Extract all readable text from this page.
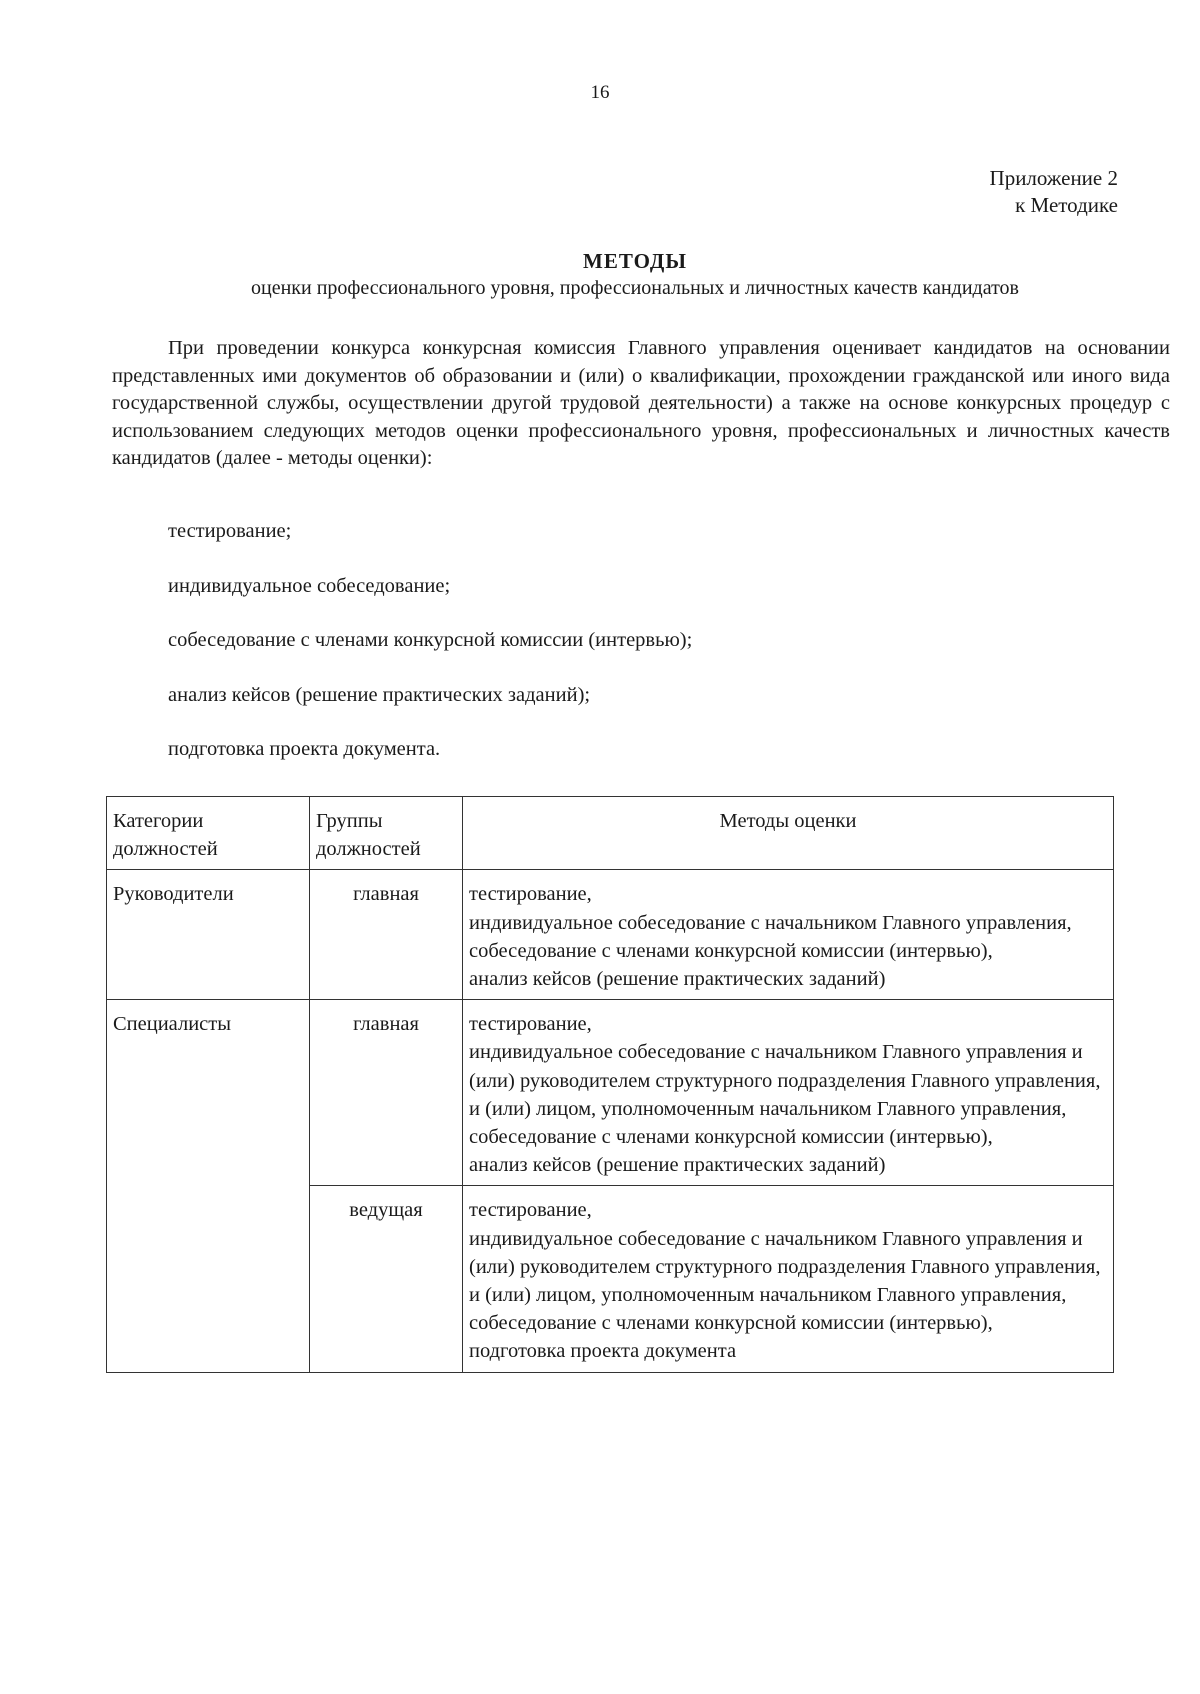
16
Приложение 2
к Методике
МЕТОДЫ
оценки профессионального уровня, профессиональных и личностных качеств кандидатов

При проведении конкурса конкурсная комиссия Главного управления оценивает кандидатов на основании представленных ими документов об образовании и (или) о квалификации, прохождении гражданской или иного вида государственной службы, осуществлении другой трудовой деятельности) а также на основе конкурсных процедур с использованием следующих методов оценки профессионального уровня, профессиональных и личностных качеств кандидатов (далее - методы оценки):

тестирование;
индивидуальное собеседование;
собеседование с членами конкурсной комиссии (интервью);
анализ кейсов (решение практических заданий);
подготовка проекта документа.
Категории должностей	Группы должностей	Методы оценки
Руководители	главная	тестирование,
индивидуальное собеседование с начальником Главного управления,
собеседование с членами конкурсной комиссии (интервью),
анализ кейсов (решение практических заданий)

Специалисты	главная	тестирование,
индивидуальное собеседование с начальником Главного управления и (или) руководителем структурного подразделения Главного управления,
и (или) лицом, уполномоченным начальником Главного управления,
собеседование с членами конкурсной комиссии (интервью),
анализ кейсов (решение практических заданий)

	ведущая	тестирование,
индивидуальное собеседование с начальником Главного управления и (или) руководителем структурного подразделения Главного управления,
и (или) лицом, уполномоченным начальником Главного управления,
собеседование с членами конкурсной комиссии (интервью),
подготовка проекта документа
